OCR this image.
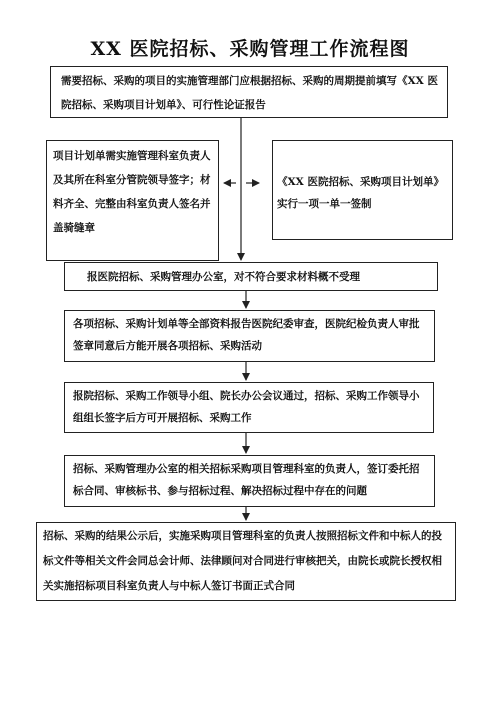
XX 医院招标、采购管理工作流程图
需要招标、采购的项目的实施管理部门应根据招标、采购的周期提前填写《XX 医院招标、采购项目计划单》、可行性论证报告
项目计划单需实施管理科室负责人及其所在科室分管院领导签字；材料齐全、完整由科室负责人签名并盖骑缝章
《XX 医院招标、采购项目计划单》实行一项一单一签制
报医院招标、采购管理办公室，对不符合要求材料概不受理
各项招标、采购计划单等全部资料报告医院纪委审查，医院纪检负责人审批签章同意后方能开展各项招标、采购活动
报院招标、采购工作领导小组、院长办公会议通过，招标、采购工作领导小组组长签字后方可开展招标、采购工作
招标、采购管理办公室的相关招标采购项目管理科室的负责人，签订委托招标合同、审核标书、参与招标过程、解决招标过程中存在的问题
招标、采购的结果公示后，实施采购项目管理科室的负责人按照招标文件和中标人的投标文件等相关文件会同总会计师、法律顾问对合同进行审核把关，由院长或院长授权相关实施招标项目科室负责人与中标人签订书面正式合同
